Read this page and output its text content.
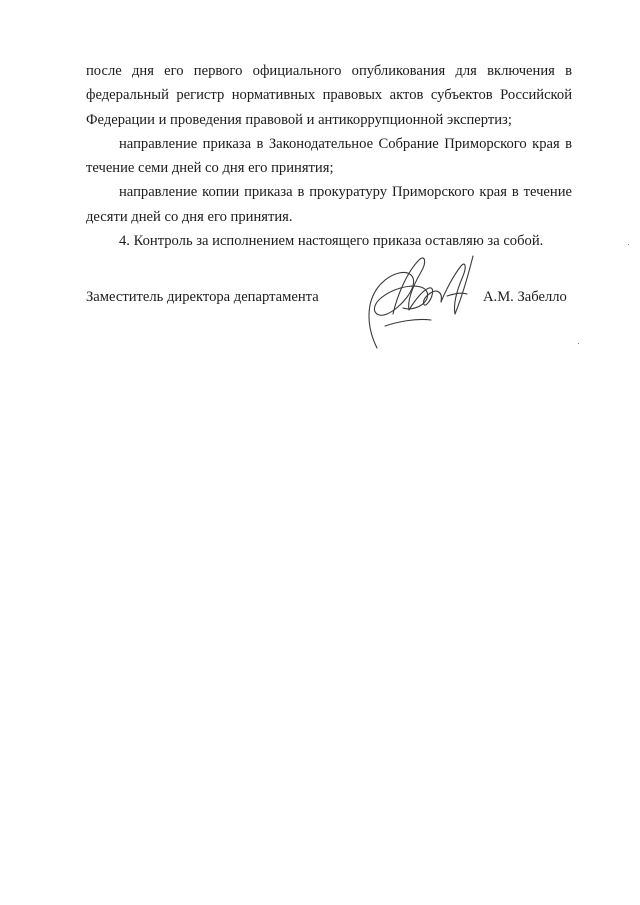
после дня его первого официального опубликования для включения в федеральный регистр нормативных правовых актов субъектов Российской Федерации и проведения правовой и антикоррупционной экспертиз;

направление приказа в Законодательное Собрание Приморского края в течение семи дней со дня его принятия;

направление копии приказа в прокуратуру Приморского края в течение десяти дней со дня его принятия.

4. Контроль за исполнением настоящего приказа оставляю за собой.

Заместитель директора департамента	А.М. Забелло
